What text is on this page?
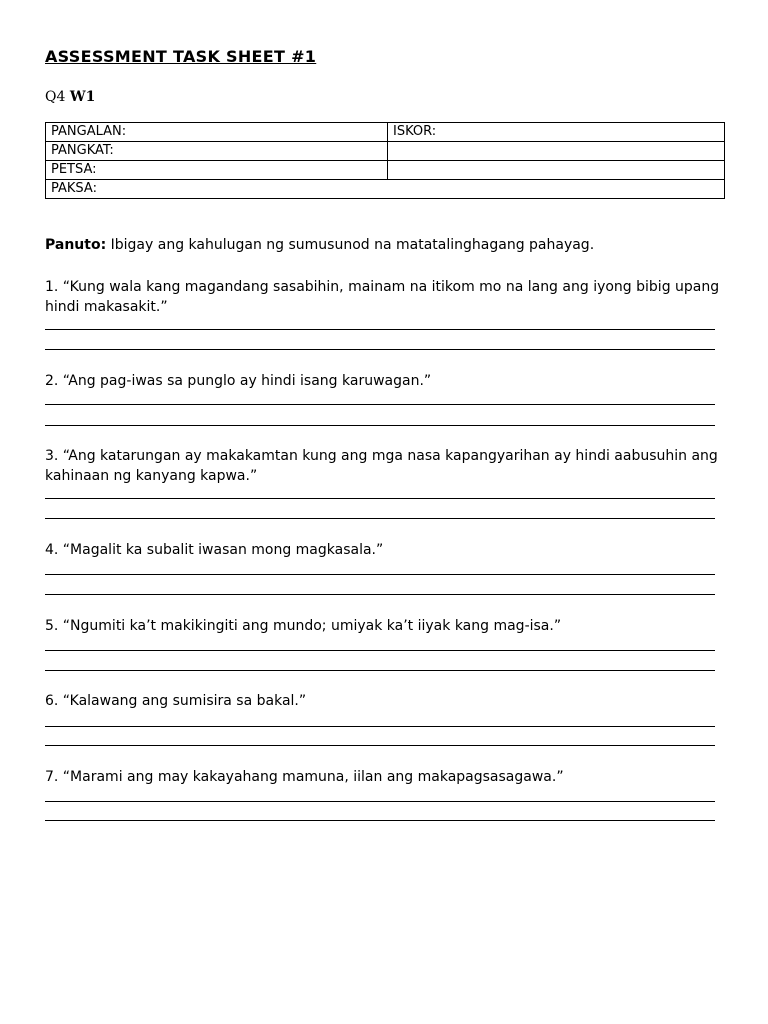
ASSESSMENT TASK SHEET #1
Q4 W1
PANGALAN:	ISKOR:
PANGKAT:	
PETSA:	
PAKSA:	
Panuto: Ibigay ang kahulugan ng sumusunod na matatalinghagang pahayag.
1. “Kung wala kang magandang sasabihin, mainam na itikom mo na lang ang iyong bibig upang hindi makasakit.”
2. “Ang pag-iwas sa punglo ay hindi isang karuwagan.”
3. “Ang katarungan ay makakamtan kung ang mga nasa kapangyarihan ay hindi aabusuhin ang kahinaan ng kanyang kapwa.”
4. “Magalit ka subalit iwasan mong magkasala.”
5. “Ngumiti ka’t makikingiti ang mundo; umiyak ka’t iiyak kang mag-isa.”
6. “Kalawang ang sumisira sa bakal.”
7. “Marami ang may kakayahang mamuna, iilan ang makapagsasagawa.”
